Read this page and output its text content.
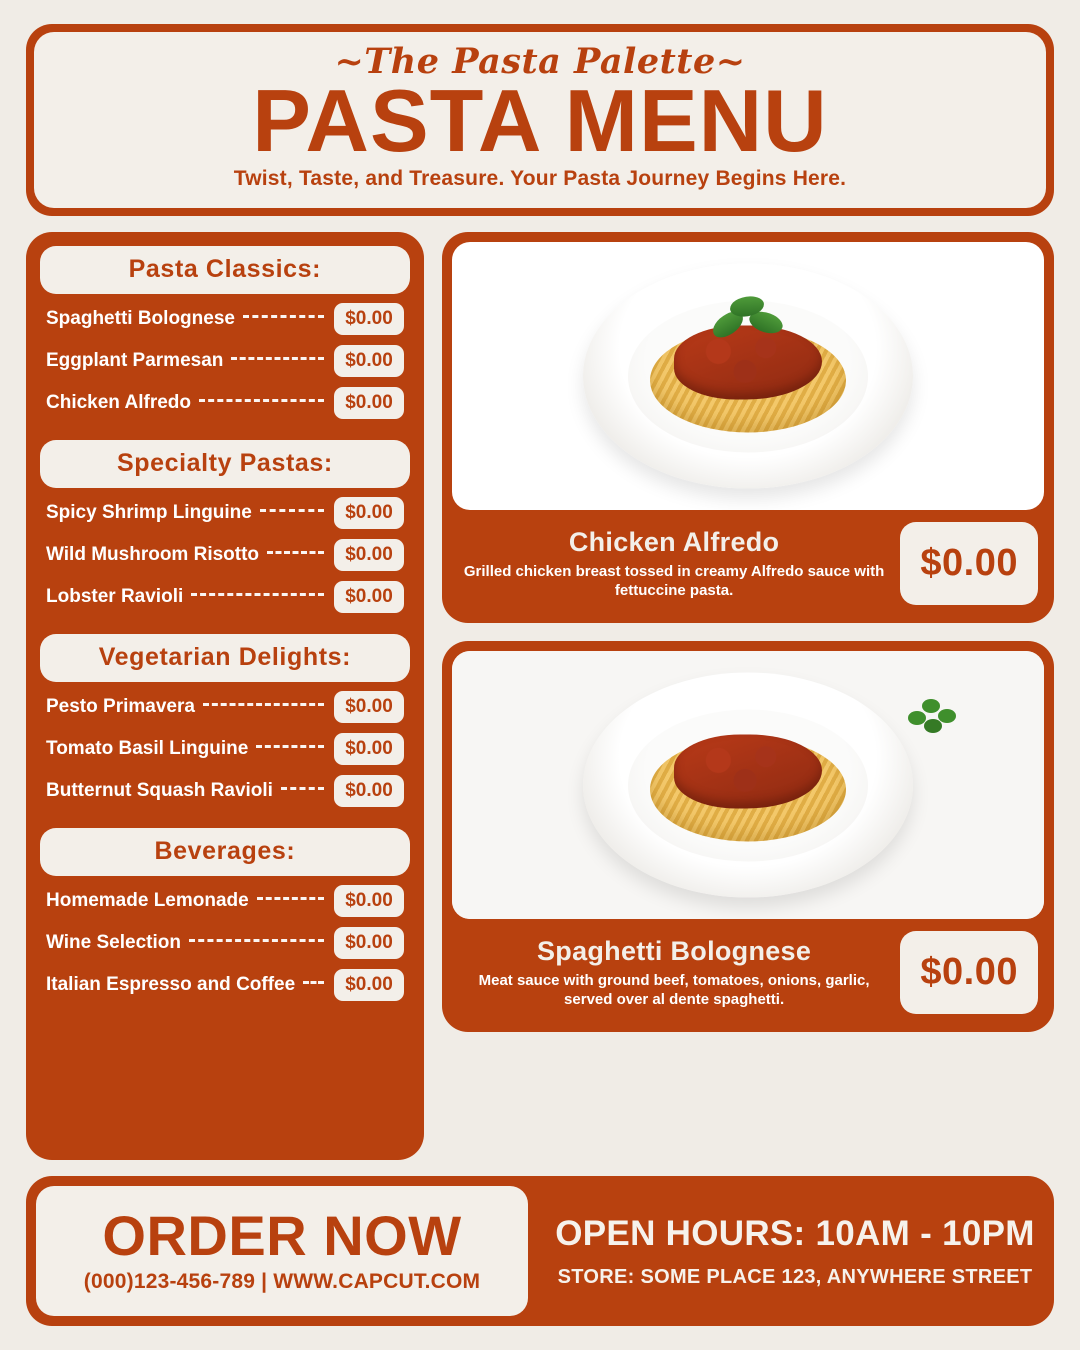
~The Pasta Palette~
PASTA MENU
Twist, Taste, and Treasure. Your Pasta Journey Begins Here.
Pasta Classics:
Spaghetti Bolognese	$0.00
Eggplant Parmesan	$0.00
Chicken Alfredo	$0.00
Specialty Pastas:
Spicy Shrimp Linguine	$0.00
Wild Mushroom Risotto	$0.00
Lobster Ravioli	$0.00
Vegetarian Delights:
Pesto Primavera	$0.00
Tomato Basil Linguine	$0.00
Butternut Squash Ravioli	$0.00
Beverages:
Homemade Lemonade	$0.00
Wine Selection	$0.00
Italian Espresso and Coffee	$0.00
Chicken Alfredo
Grilled chicken breast tossed in creamy Alfredo sauce with fettuccine pasta.
$0.00
Spaghetti Bolognese
Meat sauce with ground beef, tomatoes, onions, garlic, served over al dente spaghetti.
$0.00
ORDER NOW
(000)123-456-789 | WWW.CAPCUT.COM
OPEN HOURS: 10AM - 10PM
STORE: SOME PLACE 123, ANYWHERE STREET
